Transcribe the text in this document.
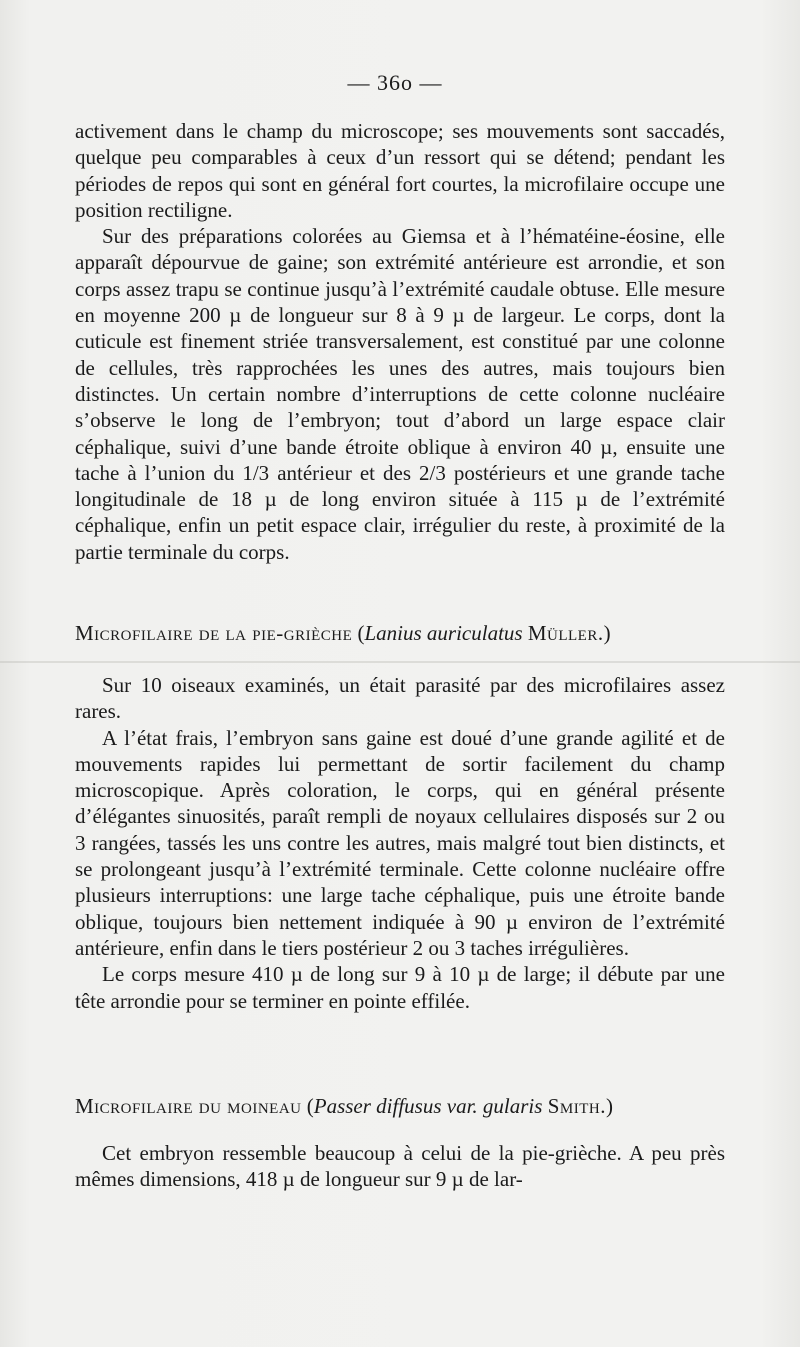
— 36o —

activement dans le champ du microscope; ses mouvements sont saccadés, quelque peu comparables à ceux d’un ressort qui se détend; pendant les périodes de repos qui sont en général fort courtes, la microfilaire occupe une position rectiligne.

Sur des préparations colorées au Giemsa et à l’hématéine-éosine, elle apparaît dépourvue de gaine; son extrémité antérieure est arrondie, et son corps assez trapu se continue jusqu’à l’extrémité caudale obtuse. Elle mesure en moyenne 200 µ de longueur sur 8 à 9 µ de largeur. Le corps, dont la cuticule est finement striée transversalement, est constitué par une colonne de cellules, très rapprochées les unes des autres, mais toujours bien distinctes. Un certain nombre d’interruptions de cette colonne nucléaire s’observe le long de l’embryon; tout d’abord un large espace clair céphalique, suivi d’une bande étroite oblique à environ 40 µ, ensuite une tache à l’union du 1/3 antérieur et des 2/3 postérieurs et une grande tache longitudinale de 18 µ de long environ située à 115 µ de l’extrémité céphalique, enfin un petit espace clair, irrégulier du reste, à proximité de la partie terminale du corps.

Microfilaire de la pie-grièche (Lanius auriculatus Müller.)

Sur 10 oiseaux examinés, un était parasité par des microfilaires assez rares.

A l’état frais, l’embryon sans gaine est doué d’une grande agilité et de mouvements rapides lui permettant de sortir facilement du champ microscopique. Après coloration, le corps, qui en général présente d’élégantes sinuosités, paraît rempli de noyaux cellulaires disposés sur 2 ou 3 rangées, tassés les uns contre les autres, mais malgré tout bien distincts, et se prolongeant jusqu’à l’extrémité terminale. Cette colonne nucléaire offre plusieurs interruptions: une large tache céphalique, puis une étroite bande oblique, toujours bien nettement indiquée à 90 µ environ de l’extrémité antérieure, enfin dans le tiers postérieur 2 ou 3 taches irrégulières.

Le corps mesure 410 µ de long sur 9 à 10 µ de large; il débute par une tête arrondie pour se terminer en pointe effilée.

Microfilaire du moineau (Passer diffusus var. gularis Smith.)

Cet embryon ressemble beaucoup à celui de la pie-grièche. A peu près mêmes dimensions, 418 µ de longueur sur 9 µ de lar-
